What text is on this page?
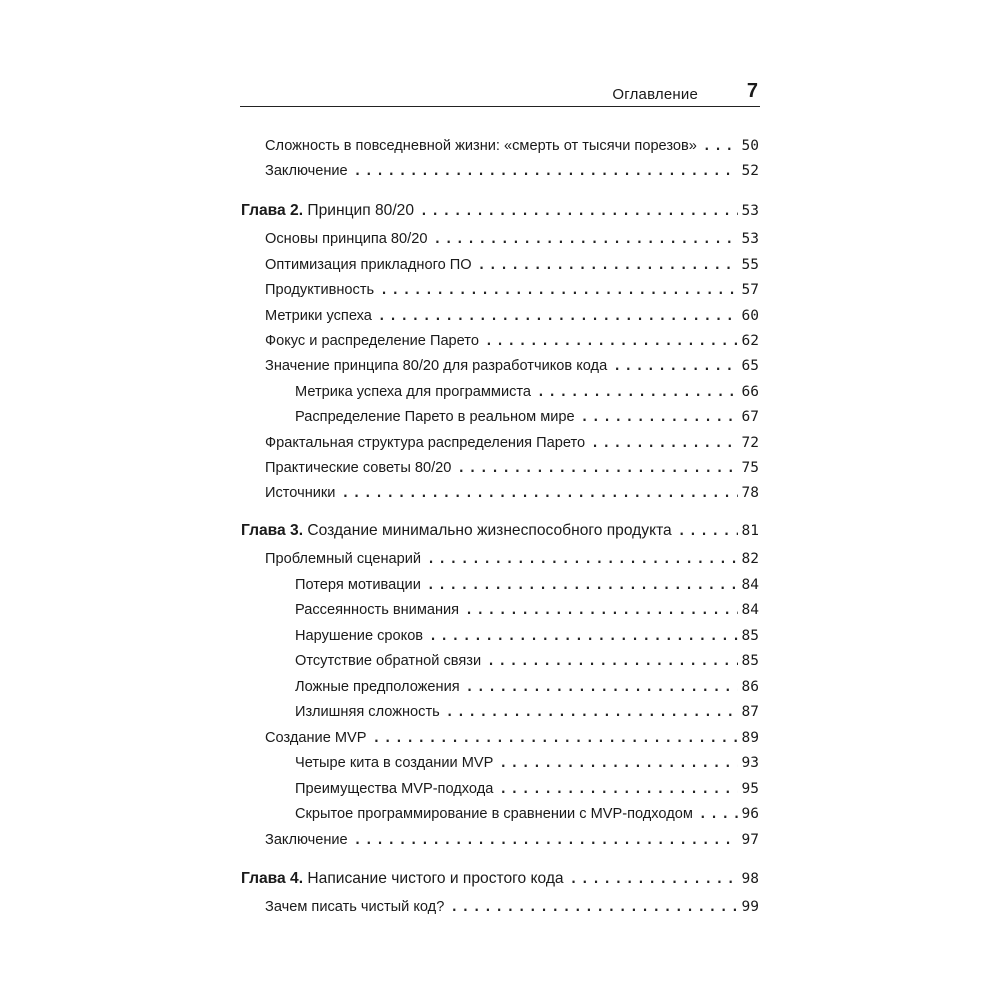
Оглавление 7
Сложность в повседневной жизни: «смерть от тысячи порезов» .....	50
Заключение .....	52
Глава 2. Принцип 80/20 .....	53
Основы принципа 80/20 .....	53
Оптимизация прикладного ПО .....	55
Продуктивность .....	57
Метрики успеха .....	60
Фокус и распределение Парето .....	62
Значение принципа 80/20 для разработчиков кода .....	65
Метрика успеха для программиста .....	66
Распределение Парето в реальном мире .....	67
Фрактальная структура распределения Парето .....	72
Практические советы 80/20 .....	75
Источники .....	78
Глава 3. Создание минимально жизнеспособного продукта .....	81
Проблемный сценарий .....	82
Потеря мотивации .....	84
Рассеянность внимания .....	84
Нарушение сроков .....	85
Отсутствие обратной связи .....	85
Ложные предположения .....	86
Излишняя сложность .....	87
Создание MVP .....	89
Четыре кита в создании MVP .....	93
Преимущества MVP-подхода .....	95
Скрытое программирование в сравнении с MVP-подходом .....	96
Заключение .....	97
Глава 4. Написание чистого и простого кода .....	98
Зачем писать чистый код? .....	99
